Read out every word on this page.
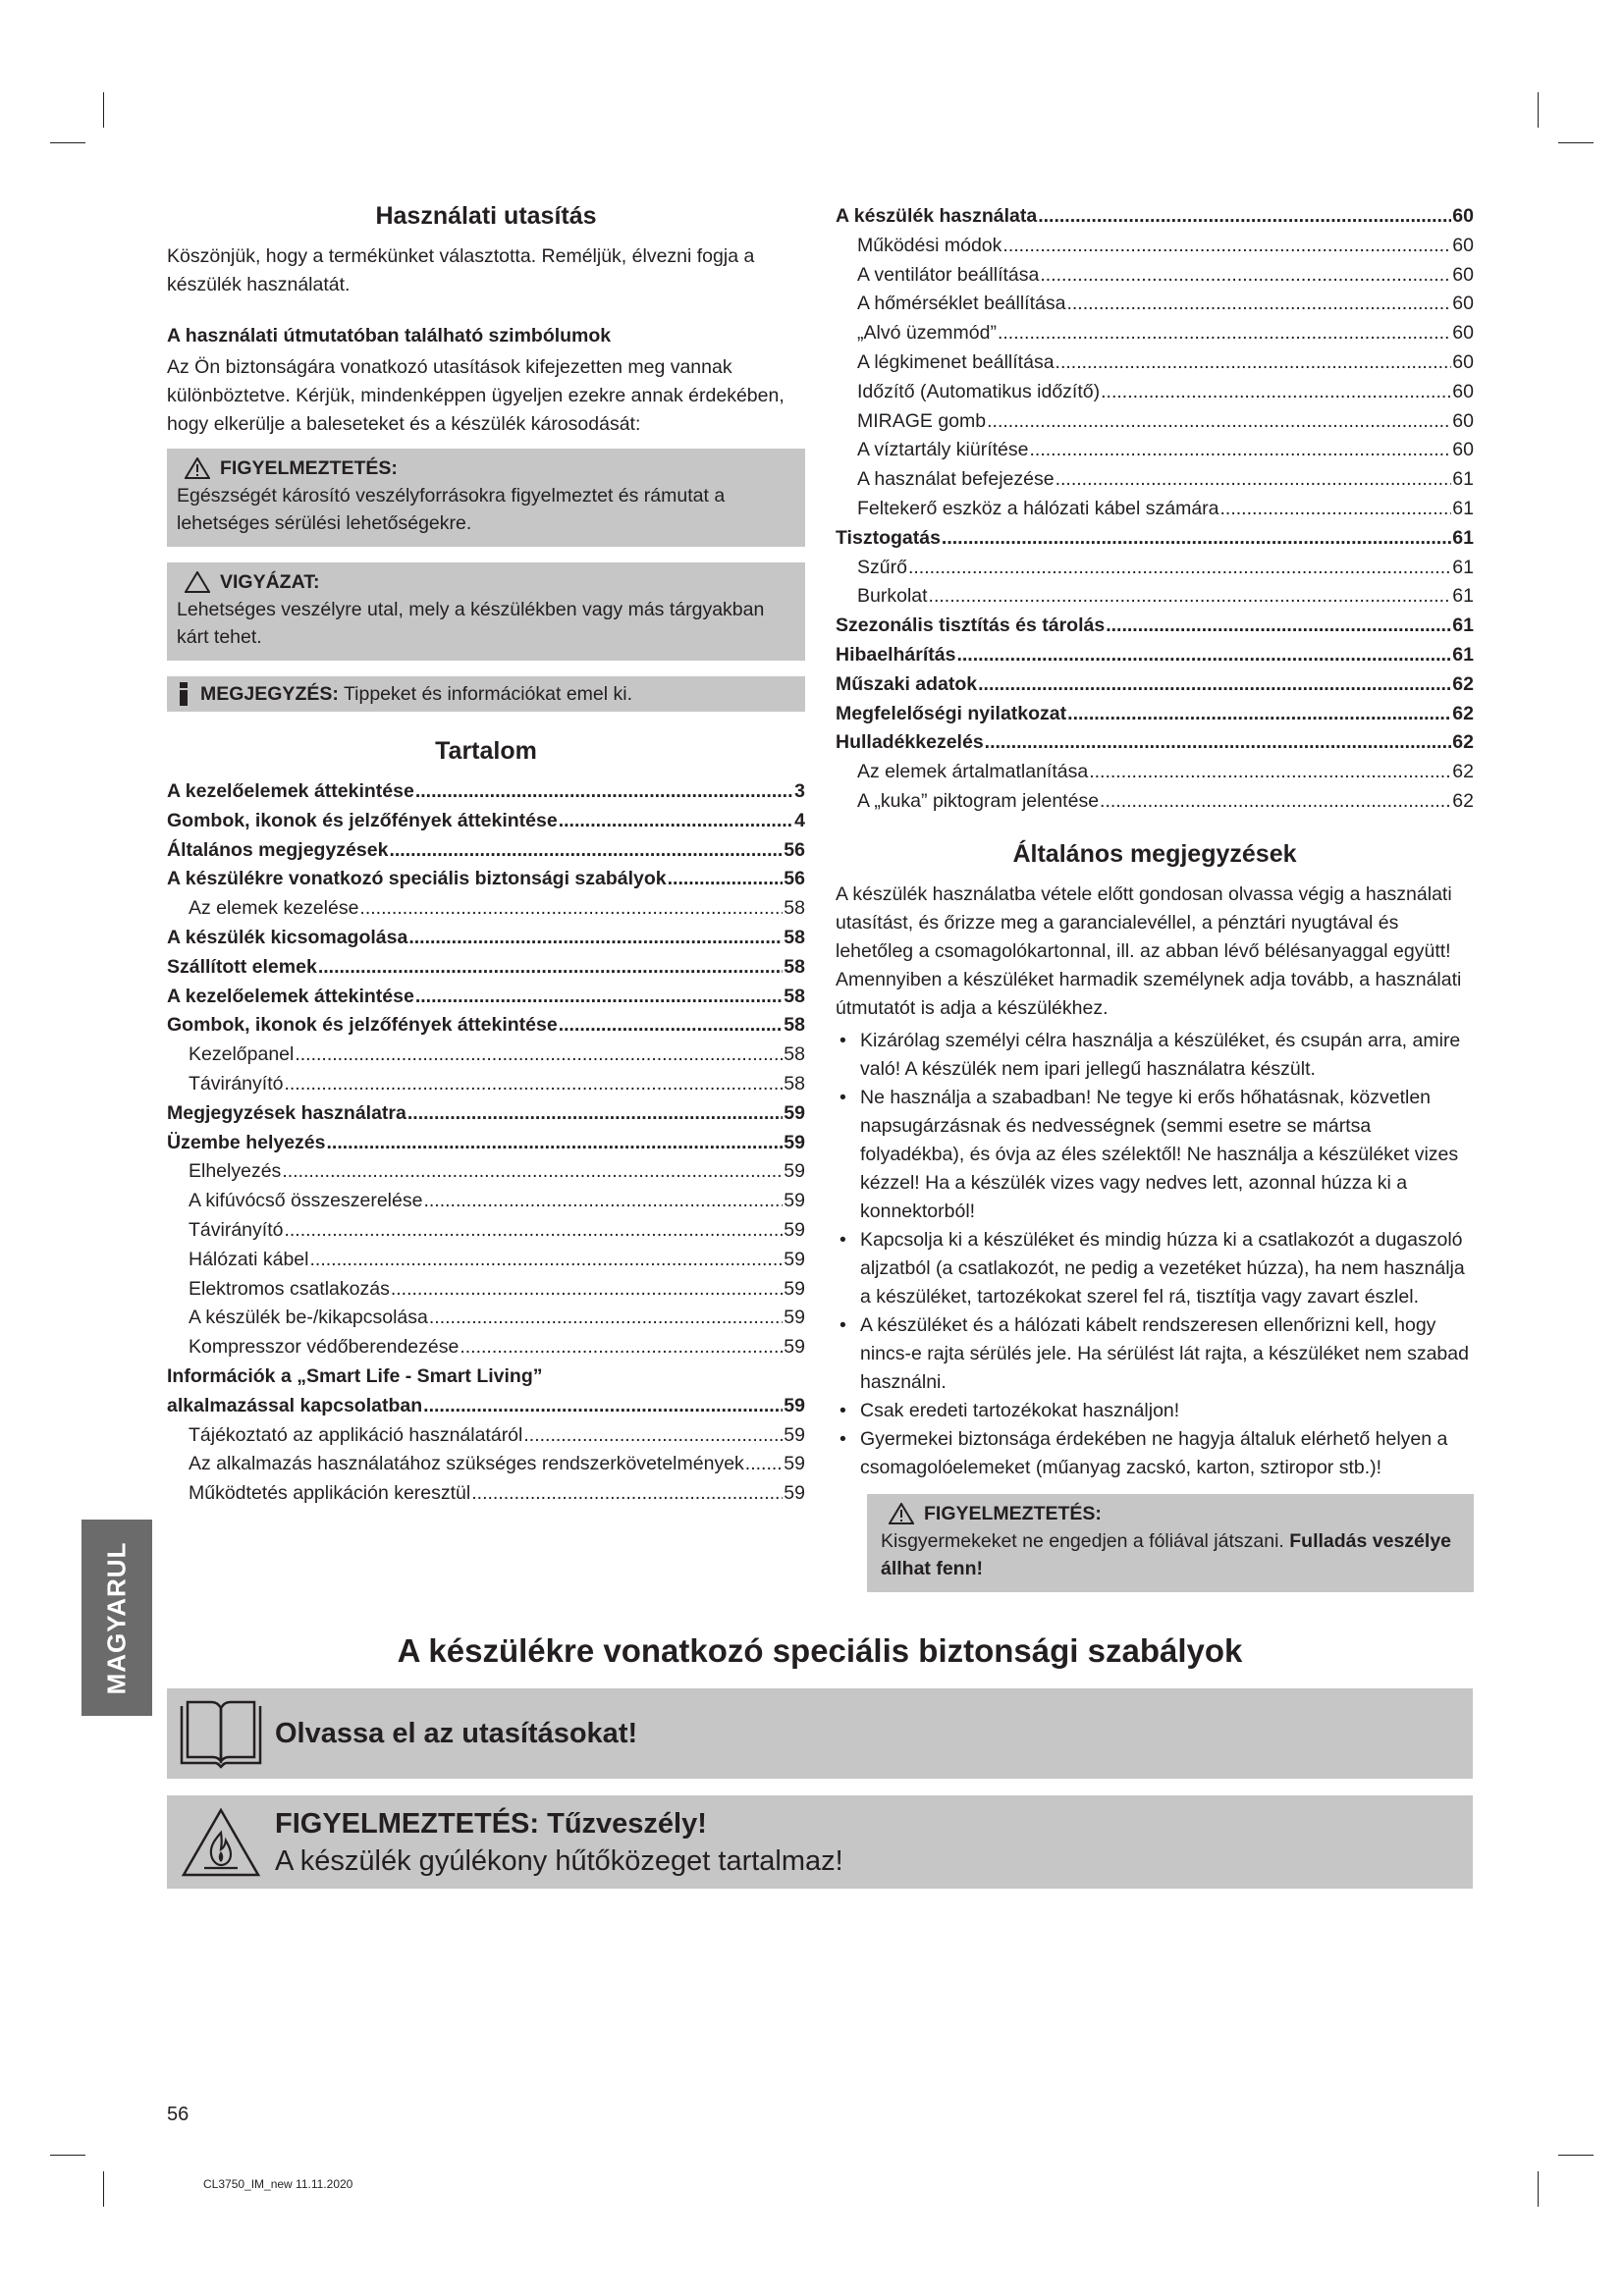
Használati utasítás

Köszönjük, hogy a termékünket választotta. Reméljük, élvezni fogja a készülék használatát.

A használati útmutatóban található szimbólumok

Az Ön biztonságára vonatkozó utasítások kifejezetten meg vannak különböztetve. Kérjük, mindenképpen ügyeljen ezekre annak érdekében, hogy elkerülje a baleseteket és a készülék károsodását:

FIGYELMEZTETÉS:
Egészségét károsító veszélyforrásokra figyelmeztet és rámutat a lehetséges sérülési lehetőségekre.
VIGYÁZAT:
Lehetséges veszélyre utal, mely a készülékben vagy más tárgyakban kárt tehet.
MEGJEGYZÉS: Tippeket és információkat emel ki.
Tartalom
A kezelőelemek áttekintése .....	3
Gombok, ikonok és jelzőfények áttekintése .....	4
Általános megjegyzések .....	56
A készülékre vonatkozó speciális biztonsági szabályok .....	56
Az elemek kezelése .....	58
A készülék kicsomagolása .....	58
Szállított elemek .....	58
A kezelőelemek áttekintése .....	58
Gombok, ikonok és jelzőfények áttekintése .....	58
Kezelőpanel .....	58
Távirányító .....	58
Megjegyzések használatra .....	59
Üzembe helyezés .....	59
Elhelyezés .....	59
A kifúvócső összeszerelése .....	59
Távirányító .....	59
Hálózati kábel .....	59
Elektromos csatlakozás .....	59
A készülék be-/kikapcsolása .....	59
Kompresszor védőberendezése .....	59
Információk a „Smart Life - Smart Living”
alkalmazással kapcsolatban .....	59
Tájékoztató az applikáció használatáról .....	59
Az alkalmazás használatához szükséges rendszerkövetelmények ..... 59
Működtetés applikáción keresztül .....	59
A készülék használata .....	60
Működési módok .....	60
A ventilátor beállítása .....	60
A hőmérséklet beállítása .....	60
„Alvó üzemmód” .....	60
A légkimenet beállítása .....	60
Időzítő (Automatikus időzítő) .....	60
MIRAGE gomb .....	60
A víztartály kiürítése .....	60
A használat befejezése .....	61
Feltekerő eszköz a hálózati kábel számára .....	61
Tisztogatás .....	61
Szűrő .....	61
Burkolat .....	61
Szezonális tisztítás és tárolás .....	61
Hibaelhárítás .....	61
Műszaki adatok .....	62
Megfelelőségi nyilatkozat .....	62
Hulladékkezelés .....	62
Az elemek ártalmatlanítása .....	62
A „kuka” piktogram jelentése .....	62
Általános megjegyzések

A készülék használatba vétele előtt gondosan olvassa végig a használati utasítást, és őrizze meg a garancialevéllel, a pénztári nyugtával és lehetőleg a csomagolókartonnal, ill. az abban lévő bélésanyaggal együtt! Amennyiben a készüléket harmadik személynek adja tovább, a használati útmutatót is adja a készülékhez.

• Kizárólag személyi célra használja a készüléket, és csupán arra, amire való! A készülék nem ipari jellegű használatra készült.
• Ne használja a szabadban! Ne tegye ki erős hőhatásnak, közvetlen napsugárzásnak és nedvességnek (semmi esetre se mártsa folyadékba), és óvja az éles szélektől! Ne használja a készüléket vizes kézzel! Ha a készülék vizes vagy nedves lett, azonnal húzza ki a konnektorból!
• Kapcsolja ki a készüléket és mindig húzza ki a csatlakozót a dugaszoló aljzatból (a csatlakozót, ne pedig a vezetéket húzza), ha nem használja a készüléket, tartozékokat szerel fel rá, tisztítja vagy zavart észlel.
• A készüléket és a hálózati kábelt rendszeresen ellenőrizni kell, hogy nincs-e rajta sérülés jele. Ha sérülést lát rajta, a készüléket nem szabad használni.
• Csak eredeti tartozékokat használjon!
• Gyermekei biztonsága érdekében ne hagyja általuk elérhető helyen a csomagolóelemeket (műanyag zacskó, karton, sztiropor stb.)!
FIGYELMEZTETÉS:
Kisgyermekeket ne engedjen a fóliával játszani. Fulladás veszélye állhat fenn!
MAGYARUL	A készülékre vonatkozó speciális biztonsági szabályok
Olvassa el az utasításokat!
FIGYELMEZTETÉS: Tűzveszély!
A készülék gyúlékony hűtőközeget tartalmaz!
56
CL3750_IM_new 11.11.2020
